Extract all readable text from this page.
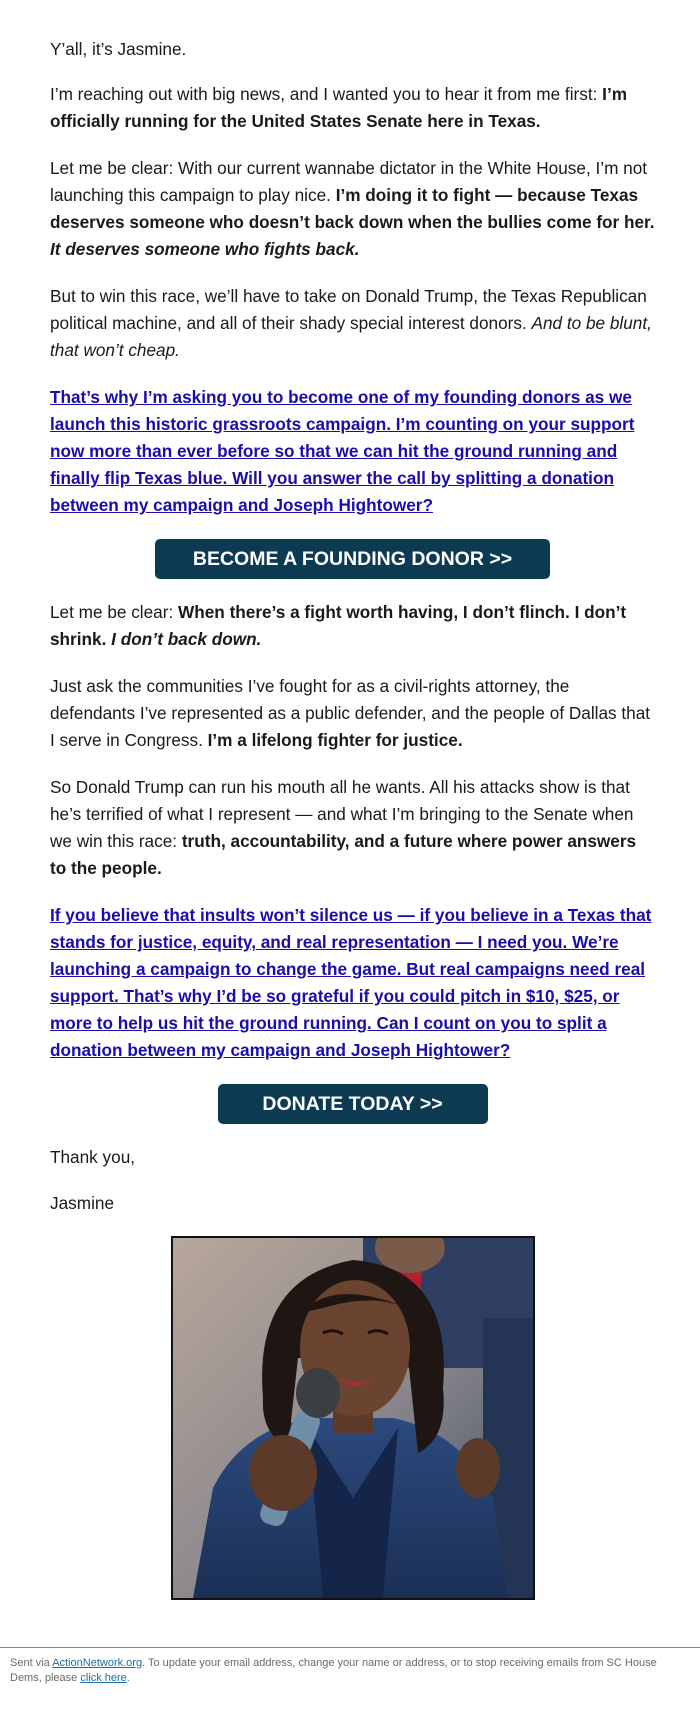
Y’all, it’s Jasmine.

I’m reaching out with big news, and I wanted you to hear it from me first: I’m officially running for the United States Senate here in Texas.

Let me be clear: With our current wannabe dictator in the White House, I’m not launching this campaign to play nice. I’m doing it to fight — because Texas deserves someone who doesn’t back down when the bullies come for her. It deserves someone who fights back.

But to win this race, we’ll have to take on Donald Trump, the Texas Republican political machine, and all of their shady special interest donors. And to be blunt, that won’t cheap.

That’s why I’m asking you to become one of my founding donors as we launch this historic grassroots campaign. I’m counting on your support now more than ever before so that we can hit the ground running and finally flip Texas blue. Will you answer the call by splitting a donation between my campaign and Joseph Hightower?

BECOME A FOUNDING DONOR >>

Let me be clear: When there’s a fight worth having, I don’t flinch. I don’t shrink. I don’t back down.

Just ask the communities I’ve fought for as a civil-rights attorney, the defendants I’ve represented as a public defender, and the people of Dallas that I serve in Congress. I’m a lifelong fighter for justice.

So Donald Trump can run his mouth all he wants. All his attacks show is that he’s terrified of what I represent — and what I’m bringing to the Senate when we win this race: truth, accountability, and a future where power answers to the people.

If you believe that insults won’t silence us — if you believe in a Texas that stands for justice, equity, and real representation — I need you. We’re launching a campaign to change the game. But real campaigns need real support. That’s why I’d be so grateful if you could pitch in $10, $25, or more to help us hit the ground running. Can I count on you to split a donation between my campaign and Joseph Hightower?

DONATE TODAY >>

Thank you,

Jasmine

Sent via ActionNetwork.org. To update your email address, change your name or address, or to stop receiving emails from SC House Dems, please click here.
